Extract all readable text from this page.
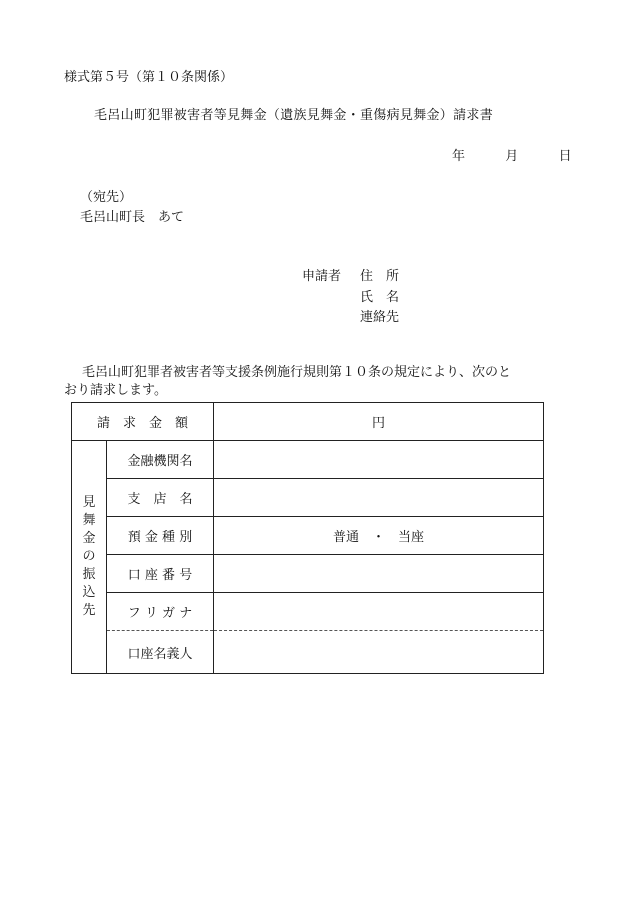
様式第５号（第１０条関係）
毛呂山町犯罪被害者等見舞金（遺族見舞金・重傷病見舞金）請求書
年	月	日
（宛先）
毛呂山町長　あて
申請者 住　所
氏　名
連絡先
毛呂山町犯罪者被害者等支援条例施行規則第１０条の規定により、次のと
おり請求します。
請　求　金　額		円
見舞金の振込先	金融機関名	
	支　店　名	
	預 金 種 別	普通　・　当座
	口 座 番 号	
	フ リ ガ ナ	
	口座名義人	
